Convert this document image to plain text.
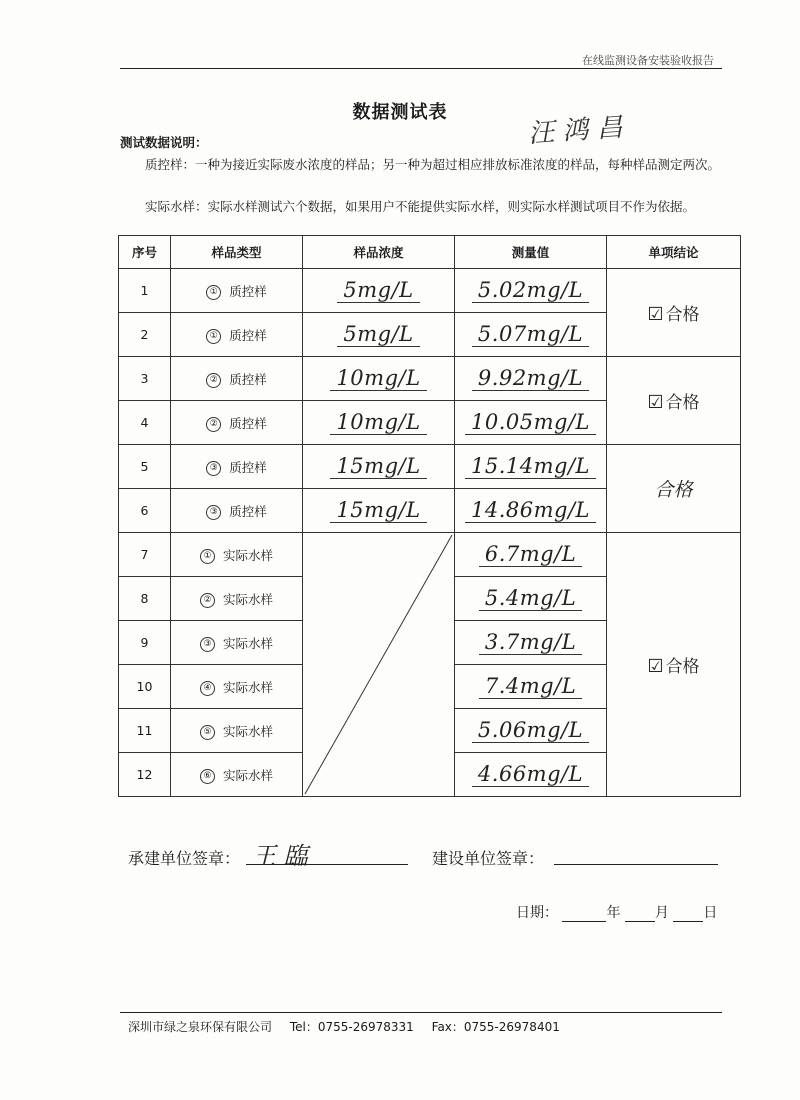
在线监测设备安装验收报告
数据测试表
汪 鸿 昌
测试数据说明：
质控样：一种为接近实际废水浓度的样品；另一种为超过相应排放标准浓度的样品，每种样品测定两次。
实际水样：实际水样测试六个数据，如果用户不能提供实际水样，则实际水样测试项目不作为依据。
序号	样品类型	样品浓度	测量值	单项结论
1	① 质控样	5mg/L	5.02mg/L	☑ 合格
2	① 质控样	5mg/L	5.07mg/L	
3	② 质控样	10mg/L	9.92mg/L	☑ 合格
4	② 质控样	10mg/L	10.05mg/L	
5	③ 质控样	15mg/L	15.14mg/L	合格
6	③ 质控样	15mg/L	14.86mg/L	
7	① 实际水样		6.7mg/L	☑ 合格
8	② 实际水样		5.4mg/L	
9	③ 实际水样		3.7mg/L	
10	④ 实际水样		7.4mg/L	
11	⑤ 实际水样		5.06mg/L	
12	⑥ 实际水样		4.66mg/L	
承建单位签章： 王 臨	建设单位签章：
日期：	年 月 日
深圳市绿之泉环保有限公司 Tel：0755-26978331 Fax：0755-26978401
